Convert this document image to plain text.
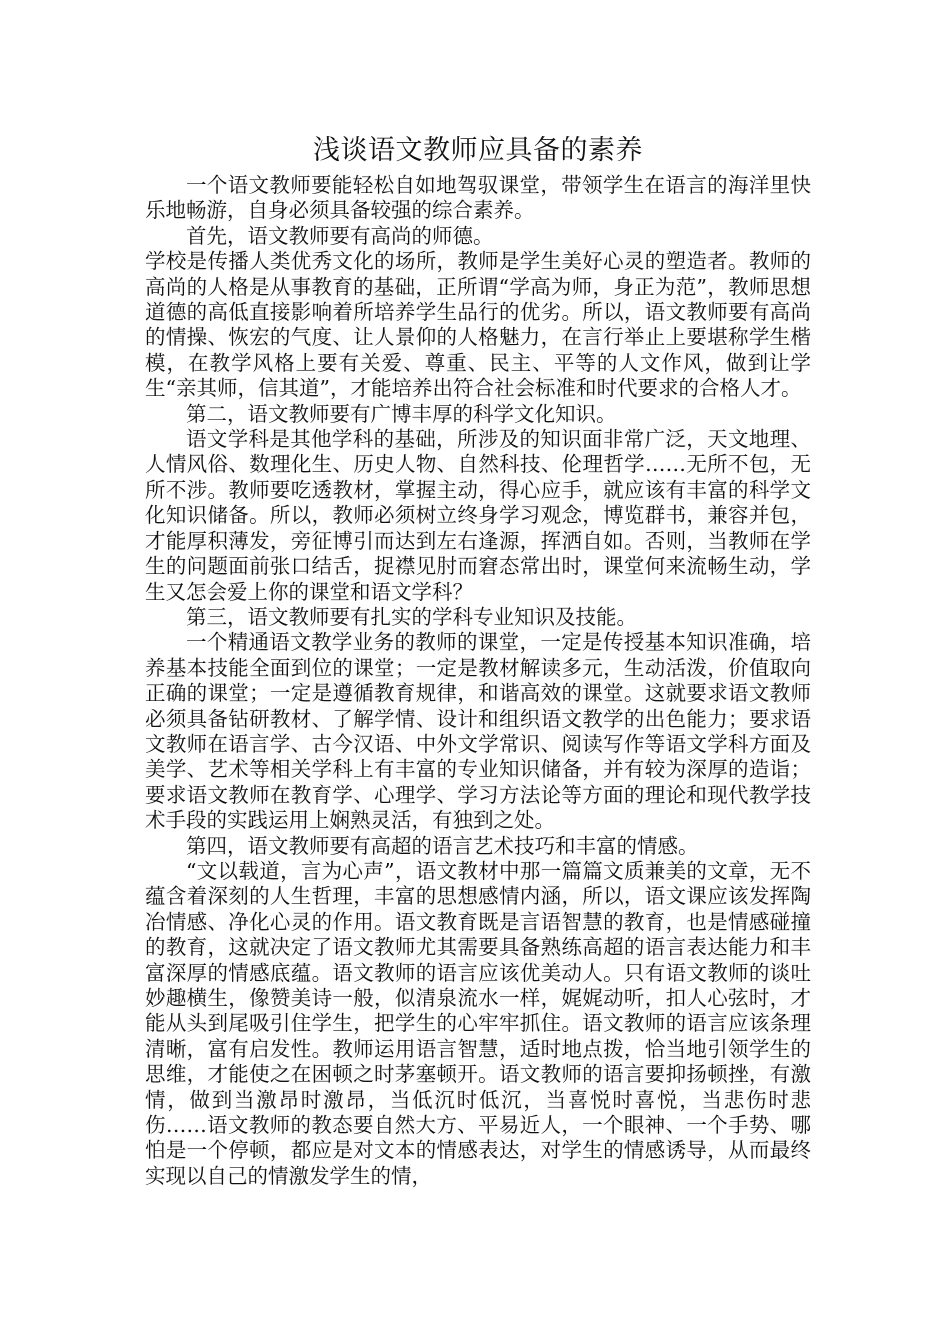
浅谈语文教师应具备的素养

一个语文教师要能轻松自如地驾驭课堂，带领学生在语言的海洋里快乐地畅游，自身必须具备较强的综合素养。

首先，语文教师要有高尚的师德。

学校是传播人类优秀文化的场所，教师是学生美好心灵的塑造者。教师的高尚的人格是从事教育的基础，正所谓“学高为师，身正为范”，教师思想道德的高低直接影响着所培养学生品行的优劣。所以，语文教师要有高尚的情操、恢宏的气度、让人景仰的人格魅力，在言行举止上要堪称学生楷模，在教学风格上要有关爱、尊重、民主、平等的人文作风，做到让学生“亲其师，信其道”，才能培养出符合社会标准和时代要求的合格人才。

第二，语文教师要有广博丰厚的科学文化知识。

语文学科是其他学科的基础，所涉及的知识面非常广泛，天文地理、人情风俗、数理化生、历史人物、自然科技、伦理哲学……无所不包，无所不涉。教师要吃透教材，掌握主动，得心应手，就应该有丰富的科学文化知识储备。所以，教师必须树立终身学习观念，博览群书，兼容并包，才能厚积薄发，旁征博引而达到左右逢源，挥洒自如。否则，当教师在学生的问题面前张口结舌，捉襟见肘而窘态常出时，课堂何来流畅生动，学生又怎会爱上你的课堂和语文学科？

第三，语文教师要有扎实的学科专业知识及技能。

一个精通语文教学业务的教师的课堂，一定是传授基本知识准确，培养基本技能全面到位的课堂；一定是教材解读多元，生动活泼，价值取向正确的课堂；一定是遵循教育规律，和谐高效的课堂。这就要求语文教师必须具备钻研教材、了解学情、设计和组织语文教学的出色能力；要求语文教师在语言学、古今汉语、中外文学常识、阅读写作等语文学科方面及美学、艺术等相关学科上有丰富的专业知识储备，并有较为深厚的造诣；要求语文教师在教育学、心理学、学习方法论等方面的理论和现代教学技术手段的实践运用上娴熟灵活，有独到之处。

第四，语文教师要有高超的语言艺术技巧和丰富的情感。

“文以载道，言为心声”，语文教材中那一篇篇文质兼美的文章，无不蕴含着深刻的人生哲理，丰富的思想感情内涵，所以，语文课应该发挥陶冶情感、净化心灵的作用。语文教育既是言语智慧的教育，也是情感碰撞的教育，这就决定了语文教师尤其需要具备熟练高超的语言表达能力和丰富深厚的情感底蕴。语文教师的语言应该优美动人。只有语文教师的谈吐妙趣横生，像赞美诗一般，似清泉流水一样，娓娓动听，扣人心弦时，才能从头到尾吸引住学生，把学生的心牢牢抓住。语文教师的语言应该条理清晰，富有启发性。教师运用语言智慧，适时地点拨，恰当地引领学生的思维，才能使之在困顿之时茅塞顿开。语文教师的语言要抑扬顿挫，有激情，做到当激昂时激昂，当低沉时低沉，当喜悦时喜悦，当悲伤时悲伤……语文教师的教态要自然大方、平易近人，一个眼神、一个手势、哪怕是一个停顿，都应是对文本的情感表达，对学生的情感诱导，从而最终实现以自己的情激发学生的情，
